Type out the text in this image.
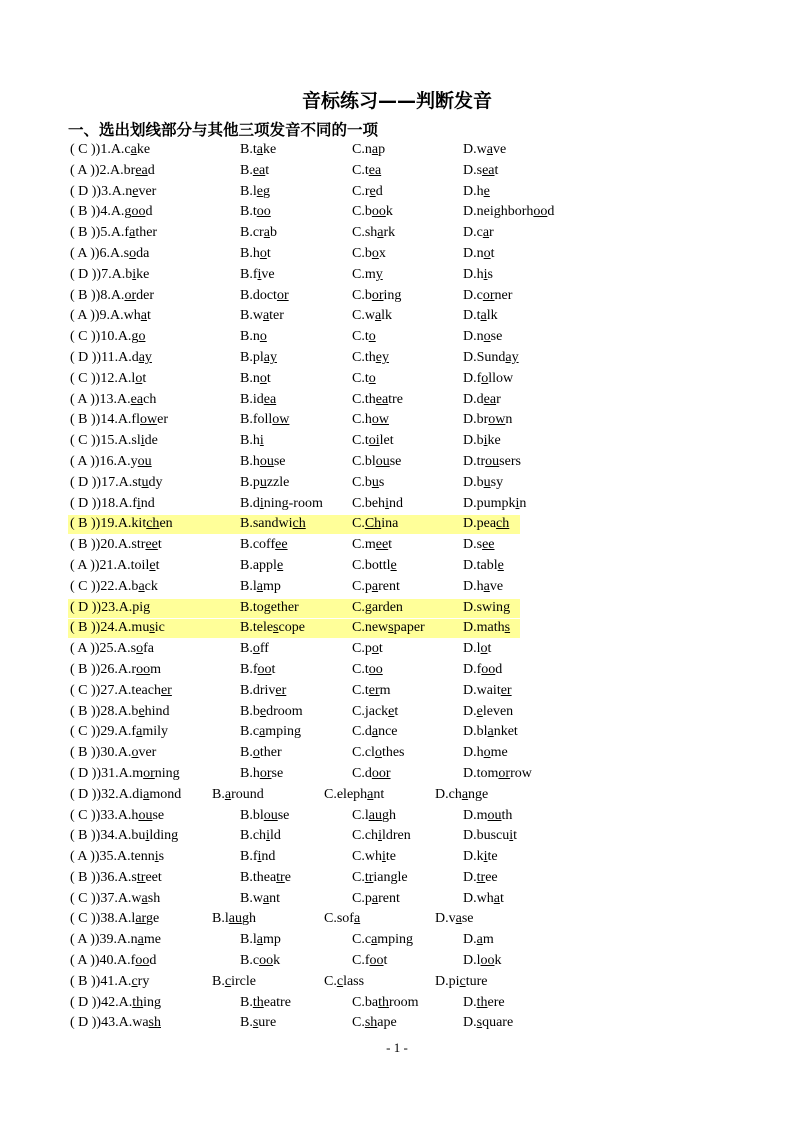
音标练习——判断发音
一、选出划线部分与其他三项发音不同的一项
( C ))1.A.cake	B.take	C.nap	D.wave
( A ))2.A.bread	B.eat	C.tea	D.seat
( D ))3.A.never	B.leg	C.red	D.he
( B ))4.A.good	B.too	C.book	D.neighborhood
( B ))5.A.father	B.crab	C.shark	D.car
( A ))6.A.soda	B.hot	C.box	D.not
( D ))7.A.bike	B.five	C.my	D.his
( B ))8.A.order	B.doctor	C.boring	D.corner
( A ))9.A.what	B.water	C.walk	D.talk
( C ))10.A.go	B.no	C.to	D.nose
( D ))11.A.day	B.play	C.they	D.Sunday
( C ))12.A.lot	B.not	C.to	D.follow
( A ))13.A.each	B.idea	C.theatre	D.dear
( B ))14.A.flower	B.follow	C.how	D.brown
( C ))15.A.slide	B.hi	C.toilet	D.bike
( A ))16.A.you	B.house	C.blouse	D.trousers
( D ))17.A.study	B.puzzle	C.bus	D.busy
( D ))18.A.find	B.dining-room C.behind	D.pumpkin
( B ))19.A.kitchen	B.sandwich	C.China	D.peach
( B ))20.A.street	B.coffee	C.meet	D.see
( A ))21.A.toilet	B.apple	C.bottle	D.table
( C ))22.A.back	B.lamp	C.parent	D.have
( D ))23.A.pig	B.together	C.garden	D.swing
( B ))24.A.music	B.telescope	C.newspaper	D.maths
( A ))25.A.sofa	B.off	C.pot	D.lot
( B ))26.A.room	B.foot	C.too	D.food
( C ))27.A.teacher	B.driver	C.term	D.waiter
( B ))28.A.behind	B.bedroom	C.jacket	D.eleven
( C ))29.A.family	B.camping	C.dance	D.blanket
( B ))30.A.over	B.other	C.clothes	D.home
( D ))31.A.morning	B.horse	C.door	D.tomorrow
( D ))32.A.diamond B.around	C.elephant	D.change
( C ))33.A.house	B.blouse	C.laugh	D.mouth
( B ))34.A.building	B.child	C.children	D.buscuit
( A ))35.A.tennis	B.find	C.white	D.kite
( B ))36.A.street	B.theatre	C.triangle	D.tree
( C ))37.A.wash	B.want	C.parent	D.what
( C ))38.A.large	B.laugh	C.sofa	D.vase
( A ))39.A.name	B.lamp	C.camping	D.am
( A ))40.A.food	B.cook	C.foot	D.look
( B ))41.A.cry	B.circle	C.class	D.picture
( D ))42.A.thing	B.theatre	C.bathroom	D.there
( D ))43.A.wash	B.sure	C.shape	D.square
- 1 -
